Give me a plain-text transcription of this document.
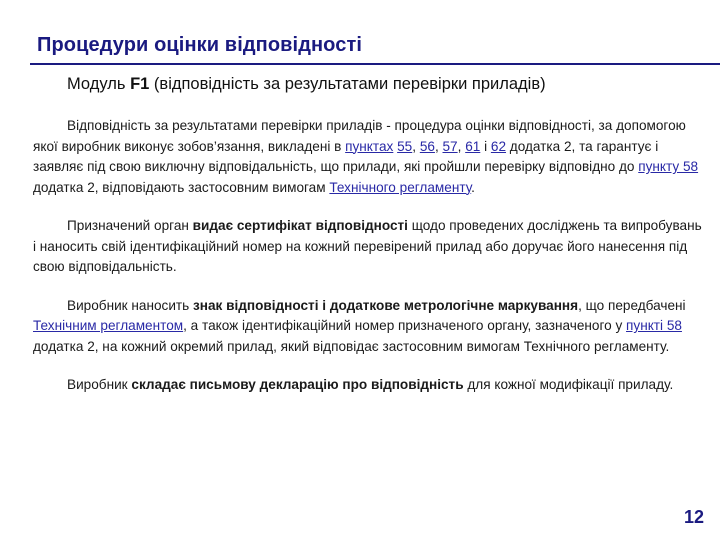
Процедури оцінки відповідності
Модуль F1 (відповідність за результатами перевірки приладів)

Відповідність за результатами перевірки приладів - процедура оцінки відповідності, за допомогою якої виробник виконує зобов’язання, викладені в пунктах 55, 56, 57, 61 і 62 додатка 2, та гарантує і заявляє під свою виключну відповідальність, що прилади, які пройшли перевірку відповідно до пункту 58 додатка 2, відповідають застосовним вимогам Технічного регламенту.

Призначений орган видає сертифікат відповідності щодо проведених досліджень та випробувань і наносить свій ідентифікаційний номер на кожний перевірений прилад або доручає його нанесення під свою відповідальність.

Виробник наносить знак відповідності і додаткове метрологічне маркування, що передбачені Технічним регламентом, а також ідентифікаційний номер призначеного органу, зазначеного у пункті 58 додатка 2, на кожний окремий прилад, який відповідає застосовним вимогам Технічного регламенту.

Виробник складає письмову декларацію про відповідність для кожної модифікації приладу.

12
